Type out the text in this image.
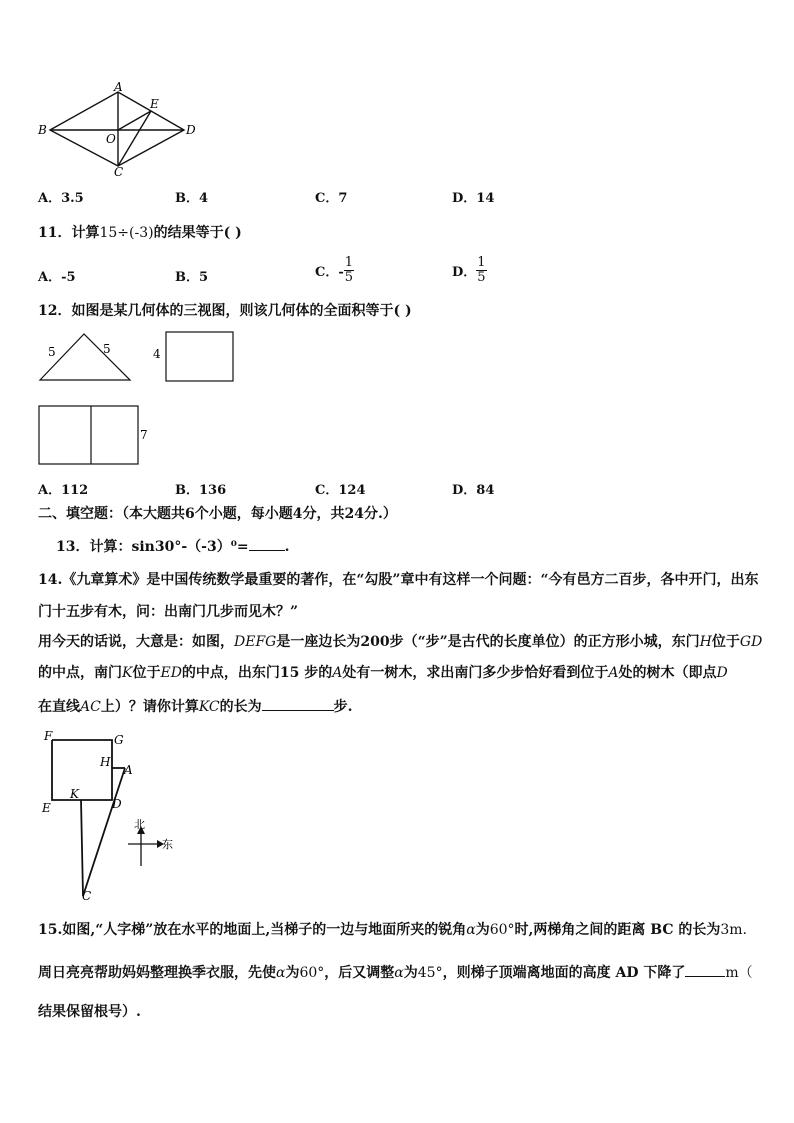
A
E
B
O
D
C
A．3.5	B．4	C．7	D．14
11．计算15÷(-3)的结果等于( )
A．-5	B．5	C．- $\frac{1}{5}$	D． $\frac{1}{5}$
12．如图是某几何体的三视图，则该几何体的全面积等于( )
5	5	4
7
A．112	B．136	C．124	D．84
二、填空题：（本大题共6个小题，每小题4分，共24分.）
13．计算：sin30°-（-3）⁰=	.
14.《九章算术》是中国传统数学最重要的著作，在“勾股”章中有这样一个问题：“今有邑方二百步，各中开门，出东
门十五步有木，问：出南门几步而见木？”
用今天的话说，大意是：如图，DEFG是一座边长为200步（“步”是古代的长度单位）的正方形小城，东门H位于GD
的中点，南门K位于ED的中点，出东门15 步的A处有一树木，求出南门多少步恰好看到位于A处的树木（即点D
在直线AC上）？请你计算KC的长为	步.
F	G
H
A
E
K
D
C
北
东
15.如图,“人字梯”放在水平的地面上,当梯子的一边与地面所夹的锐角α为60°时,两梯角之间的距离 BC 的长为3m.
周日亮亮帮助妈妈整理换季衣服，先使α为60°，后又调整α为45°，则梯子顶端离地面的高度 AD 下降了	m（
结果保留根号）.
